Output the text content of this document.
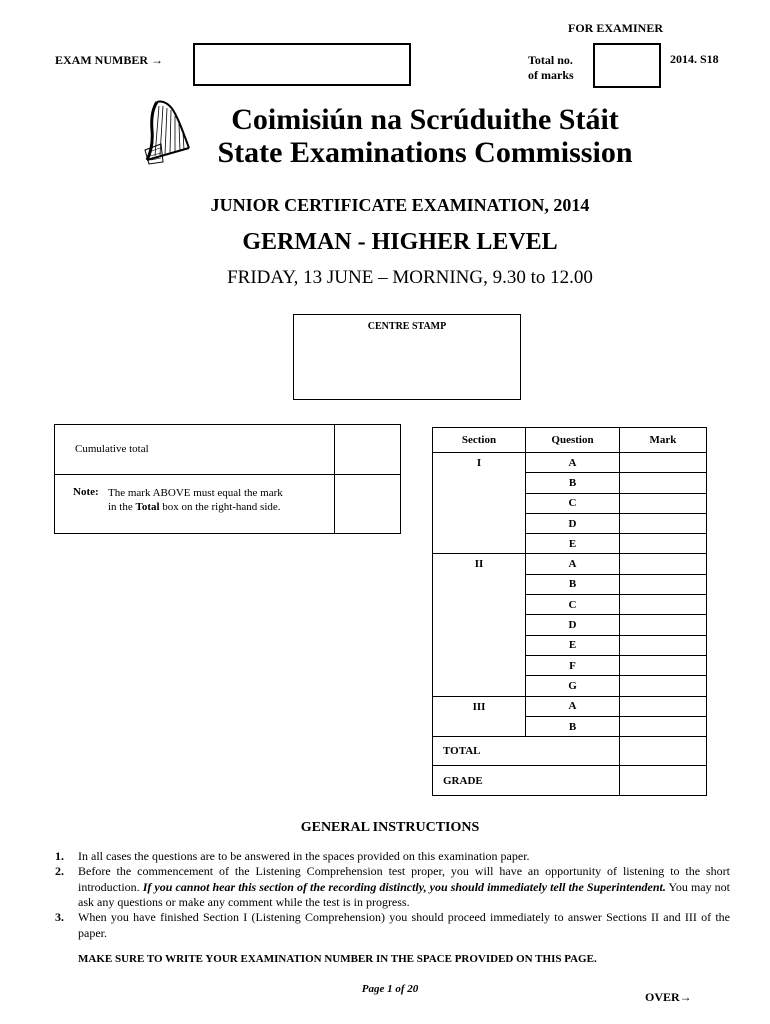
FOR EXAMINER
EXAM NUMBER →	Total no.
of marks
2014. S18
Coimisiún na Scrúduithe Stáit
State Examinations Commission
JUNIOR CERTIFICATE EXAMINATION, 2014
GERMAN - HIGHER LEVEL
FRIDAY, 13 JUNE – MORNING, 9.30 to 12.00
CENTRE STAMP
Cumulative total
Note: The mark ABOVE must equal the mark
in the Total box on the right-hand side.
Section	Question	Mark
I	A	
	B	
	C	
	D	
	E	
II	A	
	B	
	C	
	D	
	E	
	F	
	G	
III	A	
	B	
TOTAL		
GRADE		
GENERAL INSTRUCTIONS
1. In all cases the questions are to be answered in the spaces provided on this examination paper.
2. Before the commencement of the Listening Comprehension test proper, you will have an opportunity of listening to the short introduction. If you cannot hear this section of the recording distinctly, you should immediately tell the Superintendent. You may not ask any questions or make any comment while the test is in progress.
3. When you have finished Section I (Listening Comprehension) you should proceed immediately to answer Sections II and III of the paper.
MAKE SURE TO WRITE YOUR EXAMINATION NUMBER IN THE SPACE PROVIDED ON THIS PAGE.
Page 1 of 20
OVER→
